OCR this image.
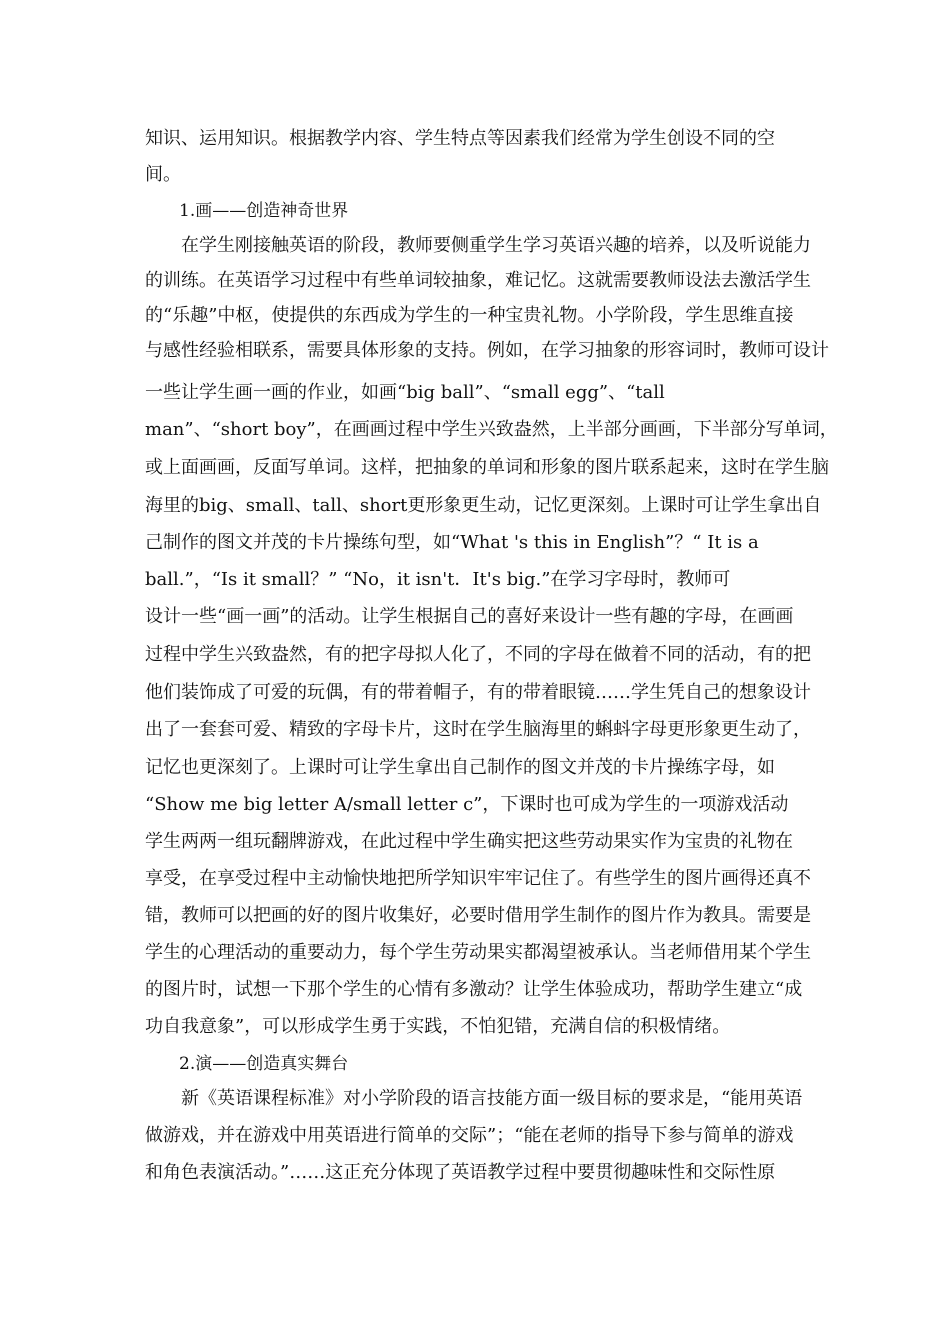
知识、运用知识。根据教学内容、学生特点等因素我们经常为学生创设不同的空
间。
　　1.画——创造神奇世界
　　在学生刚接触英语的阶段，教师要侧重学生学习英语兴趣的培养，以及听说能力
的训练。在英语学习过程中有些单词较抽象，难记忆。这就需要教师设法去激活学生
的“乐趣”中枢，使提供的东西成为学生的一种宝贵礼物。小学阶段，学生思维直接
与感性经验相联系，需要具体形象的支持。例如，在学习抽象的形容词时，教师可设计
一些让学生画一画的作业，如画“big ball”、“small egg”、“tall
man”、“short boy”，在画画过程中学生兴致盎然，上半部分画画，下半部分写单词，
或上面画画，反面写单词。这样，把抽象的单词和形象的图片联系起来，这时在学生脑
海里的big、small、tall、short更形象更生动，记忆更深刻。上课时可让学生拿出自
己制作的图文并茂的卡片操练句型，如“What 's this in English”？“ It is a
ball.”，“Is it small？” “No，it isn't．It's big.”在学习字母时，教师可
设计一些“画一画”的活动。让学生根据自己的喜好来设计一些有趣的字母，在画画
过程中学生兴致盎然，有的把字母拟人化了，不同的字母在做着不同的活动，有的把
他们装饰成了可爱的玩偶，有的带着帽子，有的带着眼镜……学生凭自己的想象设计
出了一套套可爱、精致的字母卡片，这时在学生脑海里的蝌蚪字母更形象更生动了，
记忆也更深刻了。上课时可让学生拿出自己制作的图文并茂的卡片操练字母，如
“Show me big letter A/small letter c”，下课时也可成为学生的一项游戏活动
学生两两一组玩翻牌游戏，在此过程中学生确实把这些劳动果实作为宝贵的礼物在
享受，在享受过程中主动愉快地把所学知识牢牢记住了。有些学生的图片画得还真不
错，教师可以把画的好的图片收集好，必要时借用学生制作的图片作为教具。需要是
学生的心理活动的重要动力，每个学生劳动果实都渴望被承认。当老师借用某个学生
的图片时，试想一下那个学生的心情有多激动？让学生体验成功，帮助学生建立“成
功自我意象”，可以形成学生勇于实践，不怕犯错，充满自信的积极情绪。
　　2.演——创造真实舞台
　　新《英语课程标准》对小学阶段的语言技能方面一级目标的要求是，“能用英语
做游戏，并在游戏中用英语进行简单的交际”；“能在老师的指导下参与简单的游戏
和角色表演活动。”……这正充分体现了英语教学过程中要贯彻趣味性和交际性原
